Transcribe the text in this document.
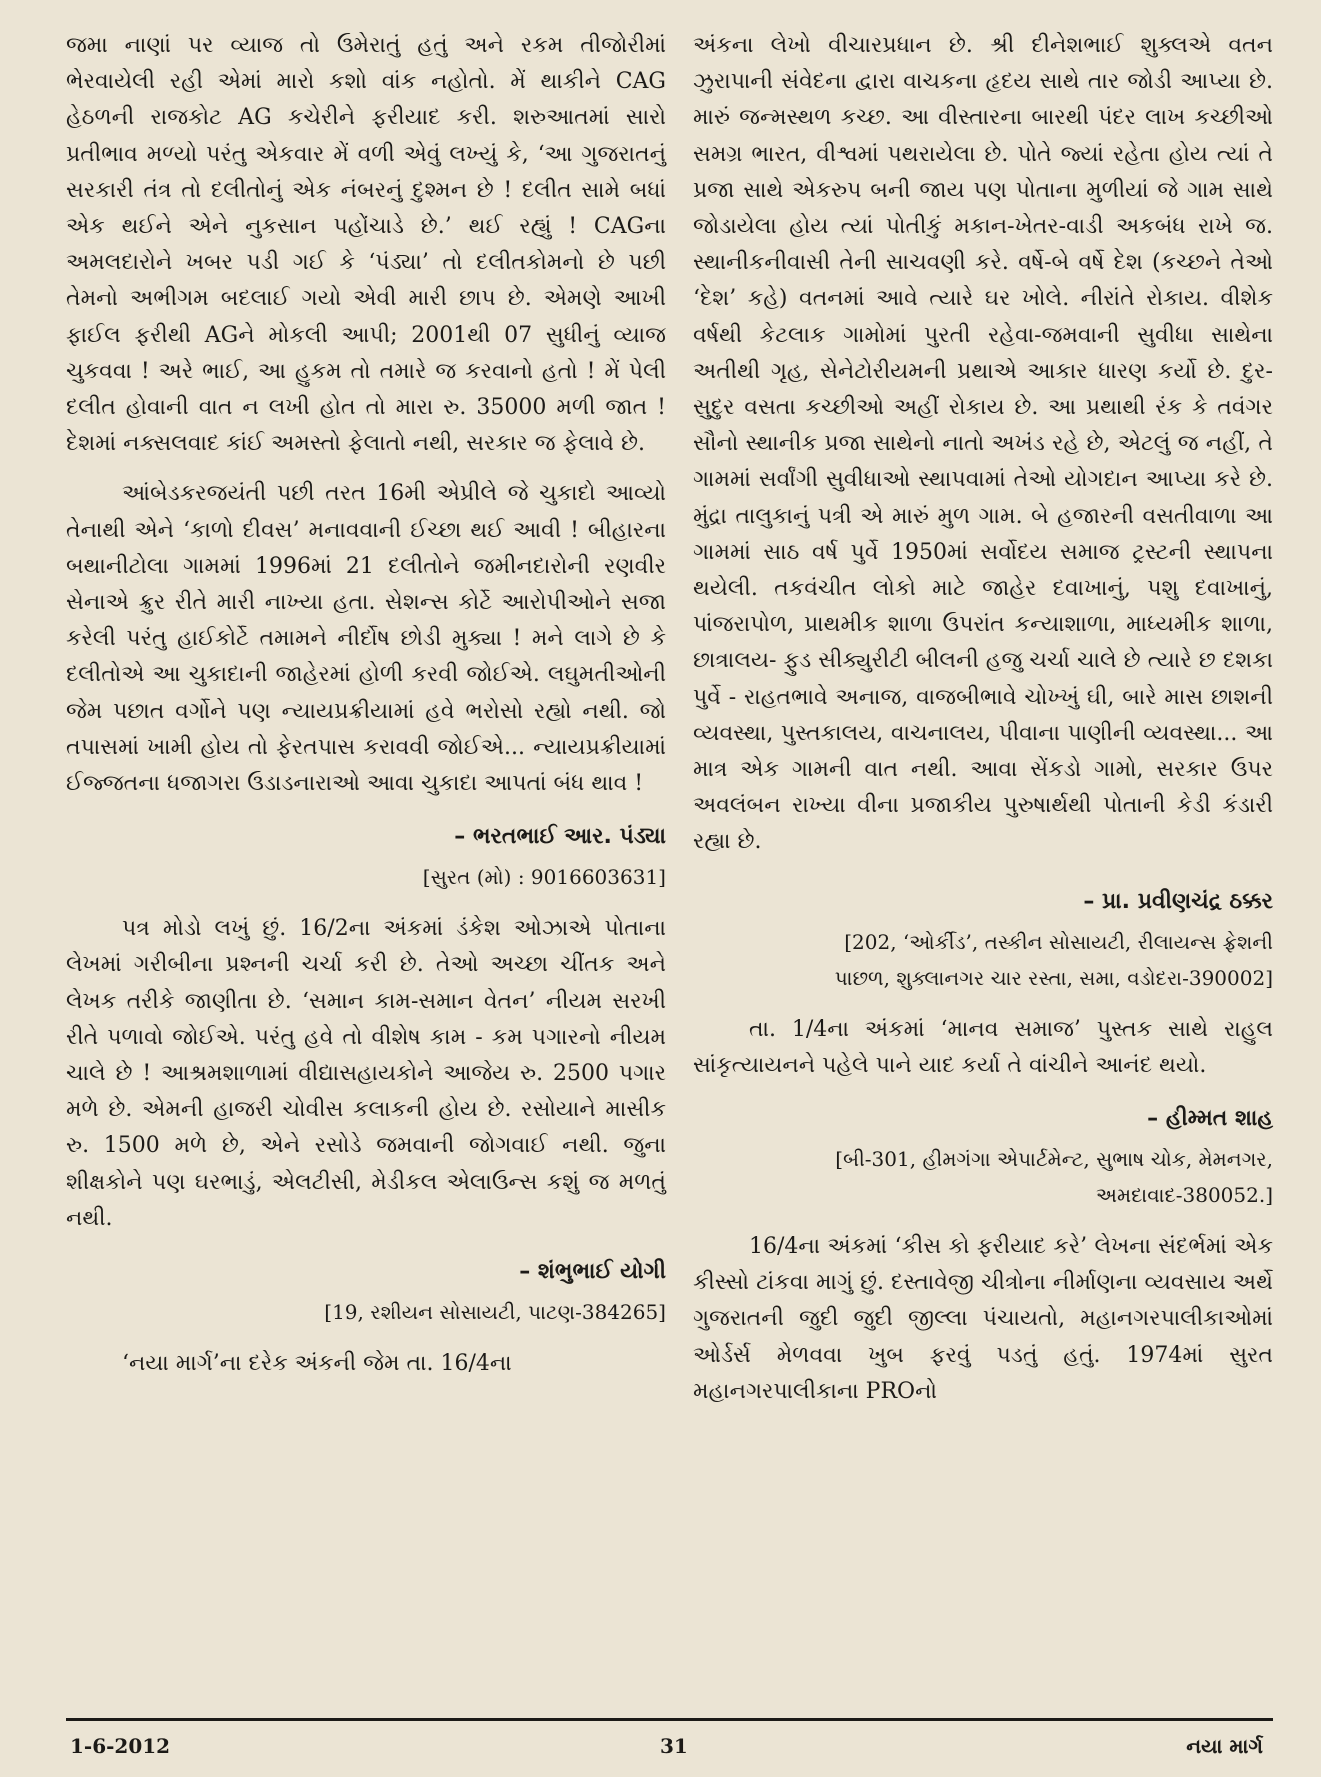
જમા નાણાં પર વ્યાજ તો ઉમેરાતું હતું અને રકમ તીજોરીમાં ભેરવાયેલી રહી એમાં મારો કશો વાંક નહોતો. મેં થાકીને CAG હેઠળની રાજકોટ AG કચેરીને ફરીયાદ કરી. શરુઆતમાં સારો પ્રતીભાવ મળ્યો પરંતુ એકવાર મેં વળી એવું લખ્યું કે, ‘આ ગુજરાતનું સરકારી તંત્ર તો દલીતોનું એક નંબરનું દુશ્મન છે ! દલીત સામે બધાં એક થઈને એને નુકસાન પહોંચાડે છે.’ થઈ રહ્યું ! CAGના અમલદારોને ખબર પડી ગઈ કે ‘પંડ્યા’ તો દલીતકોમનો છે પછી તેમનો અભીગમ બદલાઈ ગયો એવી મારી છાપ છે. એમણે આખી ફાઈલ ફરીથી AGને મોકલી આપી; 2001થી 07 સુધીનું વ્યાજ ચુકવવા ! અરે ભાઈ, આ હુકમ તો તમારે જ કરવાનો હતો ! મેં પેલી દલીત હોવાની વાત ન લખી હોત તો મારા રુ. 35000 મળી જાત ! દેશમાં નક્સલવાદ કાંઈ અમસ્તો ફેલાતો નથી, સરકાર જ ફેલાવે છે.

આંબેડકરજયંતી પછી તરત 16મી એપ્રીલે જે ચુકાદો આવ્યો તેનાથી એને ‘કાળો દીવસ’ મનાવવાની ઈચ્છા થઈ આવી ! બીહારના બથાનીટોલા ગામમાં 1996માં 21 દલીતોને જમીનદારોની રણવીર સેનાએ ક્રુર રીતે મારી નાખ્યા હતા. સેશન્સ કોર્ટે આરોપીઓને સજા કરેલી પરંતુ હાઈકોર્ટે તમામને નીર્દોષ છોડી મુક્યા ! મને લાગે છે કે દલીતોએ આ ચુકાદાની જાહેરમાં હોળી કરવી જોઈએ. લઘુમતીઓની જેમ પછાત વર્ગોને પણ ન્યાયપ્રક્રીયામાં હવે ભરોસો રહ્યો નથી. જો તપાસમાં ખામી હોય તો ફેરતપાસ કરાવવી જોઈએ... ન્યાયપ્રક્રીયામાં ઈજ્જતના ધજાગરા ઉડાડનારાઓ આવા ચુકાદા આપતાં બંધ થાવ !

– ભરતભાઈ આર. પંડ્યા
[સુરત (મો) : 9016603631]

પત્ર મોડો લખું છું. 16/2ના અંકમાં ડંકેશ ઓઝાએ પોતાના લેખમાં ગરીબીના પ્રશ્નની ચર્ચા કરી છે. તેઓ અચ્છા ચીંતક અને લેખક તરીકે જાણીતા છે. ‘સમાન કામ-સમાન વેતન’ નીયમ સરખી રીતે પળાવો જોઈએ. પરંતુ હવે તો વીશેષ કામ - કમ પગારનો નીયમ ચાલે છે ! આશ્રમશાળામાં વીદ્યાસહાયકોને આજેય રુ. 2500 પગાર મળે છે. એમની હાજરી ચોવીસ કલાકની હોય છે. રસોયાને માસીક રુ. 1500 મળે છે, એને રસોડે જમવાની જોગવાઈ નથી. જુના શીક્ષકોને પણ ઘરભાડું, એલટીસી, મેડીકલ એલાઉન્સ કશું જ મળતું નથી.

– શંભુભાઈ યોગી
[19, રશીયન સોસાયટી, પાટણ-384265]

‘નયા માર્ગ’ના દરેક અંકની જેમ તા. 16/4ના

અંકના લેખો વીચારપ્રધાન છે. શ્રી દીનેશભાઈ શુક્લએ વતન ઝુરાપાની સંવેદના દ્વારા વાચકના હૃદય સાથે તાર જોડી આપ્યા છે. મારું જન્મસ્થળ કચ્છ. આ વીસ્તારના બારથી પંદર લાખ કચ્છીઓ સમગ્ર ભારત, વીશ્વમાં પથરાયેલા છે. પોતે જ્યાં રહેતા હોય ત્યાં તે પ્રજા સાથે એકરુપ બની જાય પણ પોતાના મુળીયાં જે ગામ સાથે જોડાયેલા હોય ત્યાં પોતીકું મકાન-ખેતર-વાડી અકબંધ રાખે જ. સ્થાનીકનીવાસી તેની સાચવણી કરે. વર્ષે-બે વર્ષે દેશ (કચ્છને તેઓ ‘દેશ’ કહે) વતનમાં આવે ત્યારે ઘર ખોલે. નીરાંતે રોકાય. વીશેક વર્ષથી કેટલાક ગામોમાં પુરતી રહેવા-જમવાની સુવીધા સાથેના અતીથી ગૃહ, સેનેટોરીયમની પ્રથાએ આકાર ધારણ કર્યો છે. દુર-સુદુર વસતા કચ્છીઓ અહીં રોકાય છે. આ પ્રથાથી રંક કે તવંગર સૌનો સ્થાનીક પ્રજા સાથેનો નાતો અખંડ રહે છે, એટલું જ નહીં, તે ગામમાં સર્વાંગી સુવીધાઓ સ્થાપવામાં તેઓ યોગદાન આપ્યા કરે છે. મુંદ્રા તાલુકાનું પત્રી એ મારું મુળ ગામ. બે હજારની વસતીવાળા આ ગામમાં સાઠ વર્ષ પુર્વે 1950માં સર્વોદય સમાજ ટ્રસ્ટની સ્થાપના થયેલી. તકવંચીત લોકો માટે જાહેર દવાખાનું, પશુ દવાખાનું, પાંજરાપોળ, પ્રાથમીક શાળા ઉપરાંત કન્યાશાળા, માધ્યમીક શાળા, છાત્રાલય- ફુડ સીક્યુરીટી બીલની હજુ ચર્ચા ચાલે છે ત્યારે છ દશકા પુર્વે - રાહતભાવે અનાજ, વાજબીભાવે ચોખ્ખું ઘી, બારે માસ છાશની વ્યવસ્થા, પુસ્તકાલય, વાચનાલય, પીવાના પાણીની વ્યવસ્થા... આ માત્ર એક ગામની વાત નથી. આવા સેંકડો ગામો, સરકાર ઉપર અવલંબન રાખ્યા વીના પ્રજાકીય પુરુષાર્થથી પોતાની કેડી કંડારી રહ્યા છે.

– પ્રા. પ્રવીણચંદ્ર ઠક્કર
[202, ‘ઓર્કીડ’, તસ્કીન સોસાયટી, રીલાયન્સ ફ્રેશની
પાછળ, શુક્લાનગર ચાર રસ્તા, સમા, વડોદરા-390002]

તા. 1/4ના અંકમાં ‘માનવ સમાજ’ પુસ્તક સાથે રાહુલ સાંકૃત્યાયનને પહેલે પાને યાદ કર્યા તે વાંચીને આનંદ થયો.

– હીમ્મત શાહ
[બી-301, હીમગંગા એપાર્ટમેન્ટ, સુભાષ ચોક, મેમનગર,
અમદાવાદ-380052.]

16/4ના અંકમાં ‘કીસ કો ફરીયાદ કરે’ લેખના સંદર્ભમાં એક કીસ્સો ટાંકવા માગું છું. દસ્તાવેજી ચીત્રોના નીર્માણના વ્યવસાય અર્થે ગુજરાતની જુદી જુદી જીલ્લા પંચાયતો, મહાનગરપાલીકાઓમાં ઓર્ડર્સ મેળવવા ખુબ ફરવું પડતું હતું. 1974માં સુરત મહાનગરપાલીકાના PROનો

1-6-2012	31	નયા માર્ગ
